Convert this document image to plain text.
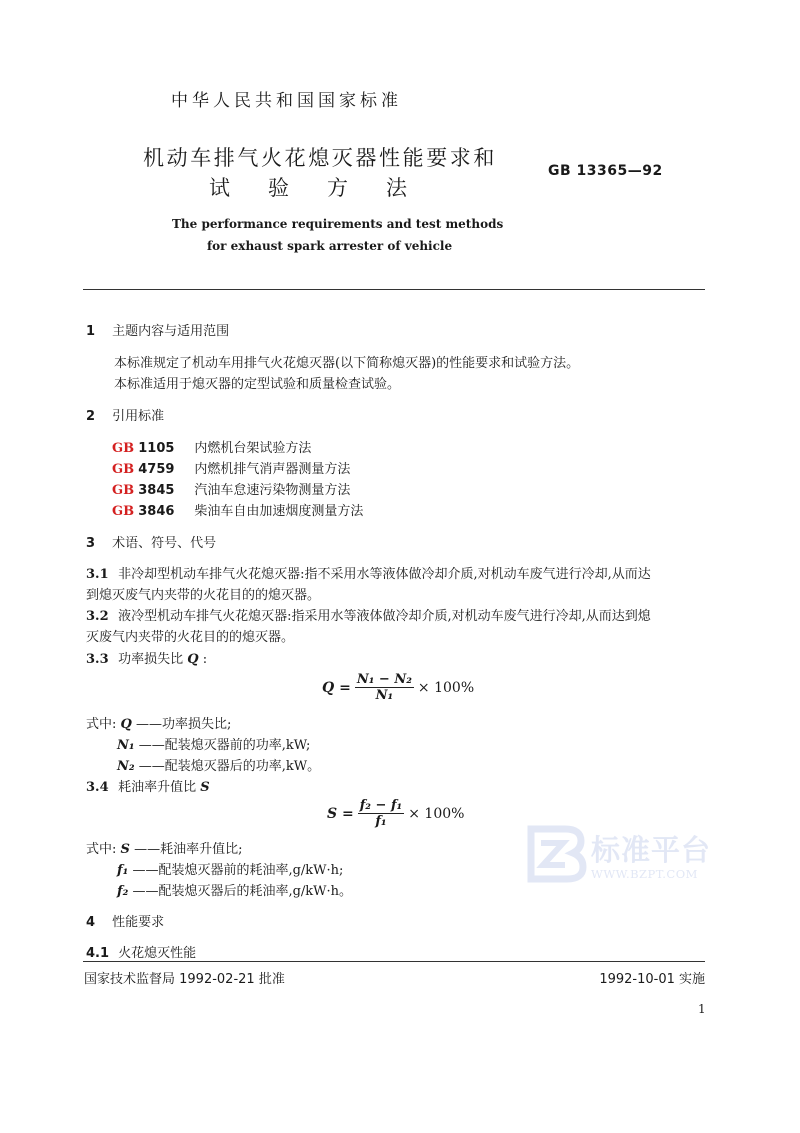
中华人民共和国国家标准
机动车排气火花熄灭器性能要求和
试验方法
GB 13365—92
The performance requirements and test methods
for exhaust spark arrester of vehicle
1 主题内容与适用范围
本标准规定了机动车用排气火花熄灭器(以下简称熄灭器)的性能要求和试验方法。
本标准适用于熄灭器的定型试验和质量检查试验。
2 引用标准
GB 1105 内燃机台架试验方法
GB 4759 内燃机排气消声器测量方法
GB 3845 汽油车怠速污染物测量方法
GB 3846 柴油车自由加速烟度测量方法
3 术语、符号、代号
3.1 非冷却型机动车排气火花熄灭器:指不采用水等液体做冷却介质,对机动车废气进行冷却,从而达
到熄灭废气内夹带的火花目的的熄灭器。
3.2 液冷型机动车排气火花熄灭器:指采用水等液体做冷却介质,对机动车废气进行冷却,从而达到熄
灭废气内夹带的火花目的的熄灭器。
3.3 功率损失比 Q :
$Q = \frac{\text{N₁ − N₂}}{\text{N₁}} \times 100\%$
式中: Q ——功率损失比;
N₁ ——配装熄灭器前的功率,kW;
N₂ ——配装熄灭器后的功率,kW。
3.4 耗油率升值比 S
$S = \frac{\text{f₂ − f₁}}{\text{f₁}} \times 100\%$
式中: S ——耗油率升值比;
f₁ ——配装熄灭器前的耗油率,g/kW·h;
f₂ ——配装熄灭器后的耗油率,g/kW·h。
4 性能要求
4.1 火花熄灭性能
国家技术监督局 1992-02-21 批准	1992-10-01 实施
1
标准平台
WWW.BZPT.COM
